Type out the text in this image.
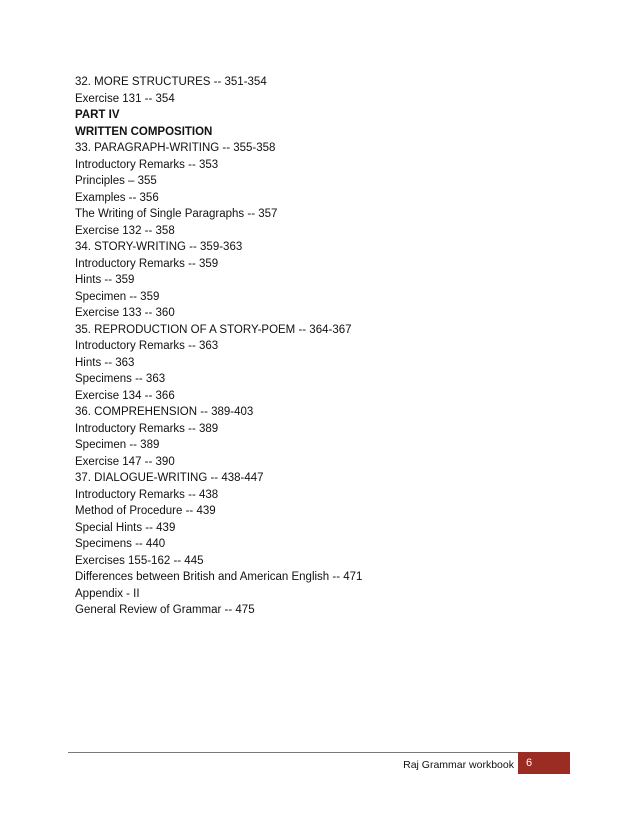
32. MORE STRUCTURES -- 351-354
Exercise 131 -- 354
PART IV
WRITTEN COMPOSITION
33. PARAGRAPH-WRITING -- 355-358
Introductory Remarks -- 353
Principles – 355
Examples -- 356
The Writing of Single Paragraphs -- 357
Exercise 132 -- 358
34. STORY-WRITING -- 359-363
Introductory Remarks -- 359
Hints -- 359
Specimen -- 359
Exercise 133 -- 360
35. REPRODUCTION OF A STORY-POEM -- 364-367
Introductory Remarks -- 363
Hints -- 363
Specimens -- 363
Exercise 134 -- 366
36. COMPREHENSION -- 389-403
Introductory Remarks -- 389
Specimen -- 389
Exercise 147 -- 390
37. DIALOGUE-WRITING -- 438-447
Introductory Remarks -- 438
Method of Procedure -- 439
Special Hints -- 439
Specimens -- 440
Exercises 155-162 -- 445
Differences between British and American English -- 471
Appendix - II
General Review of Grammar -- 475
Raj Grammar workbook 6
